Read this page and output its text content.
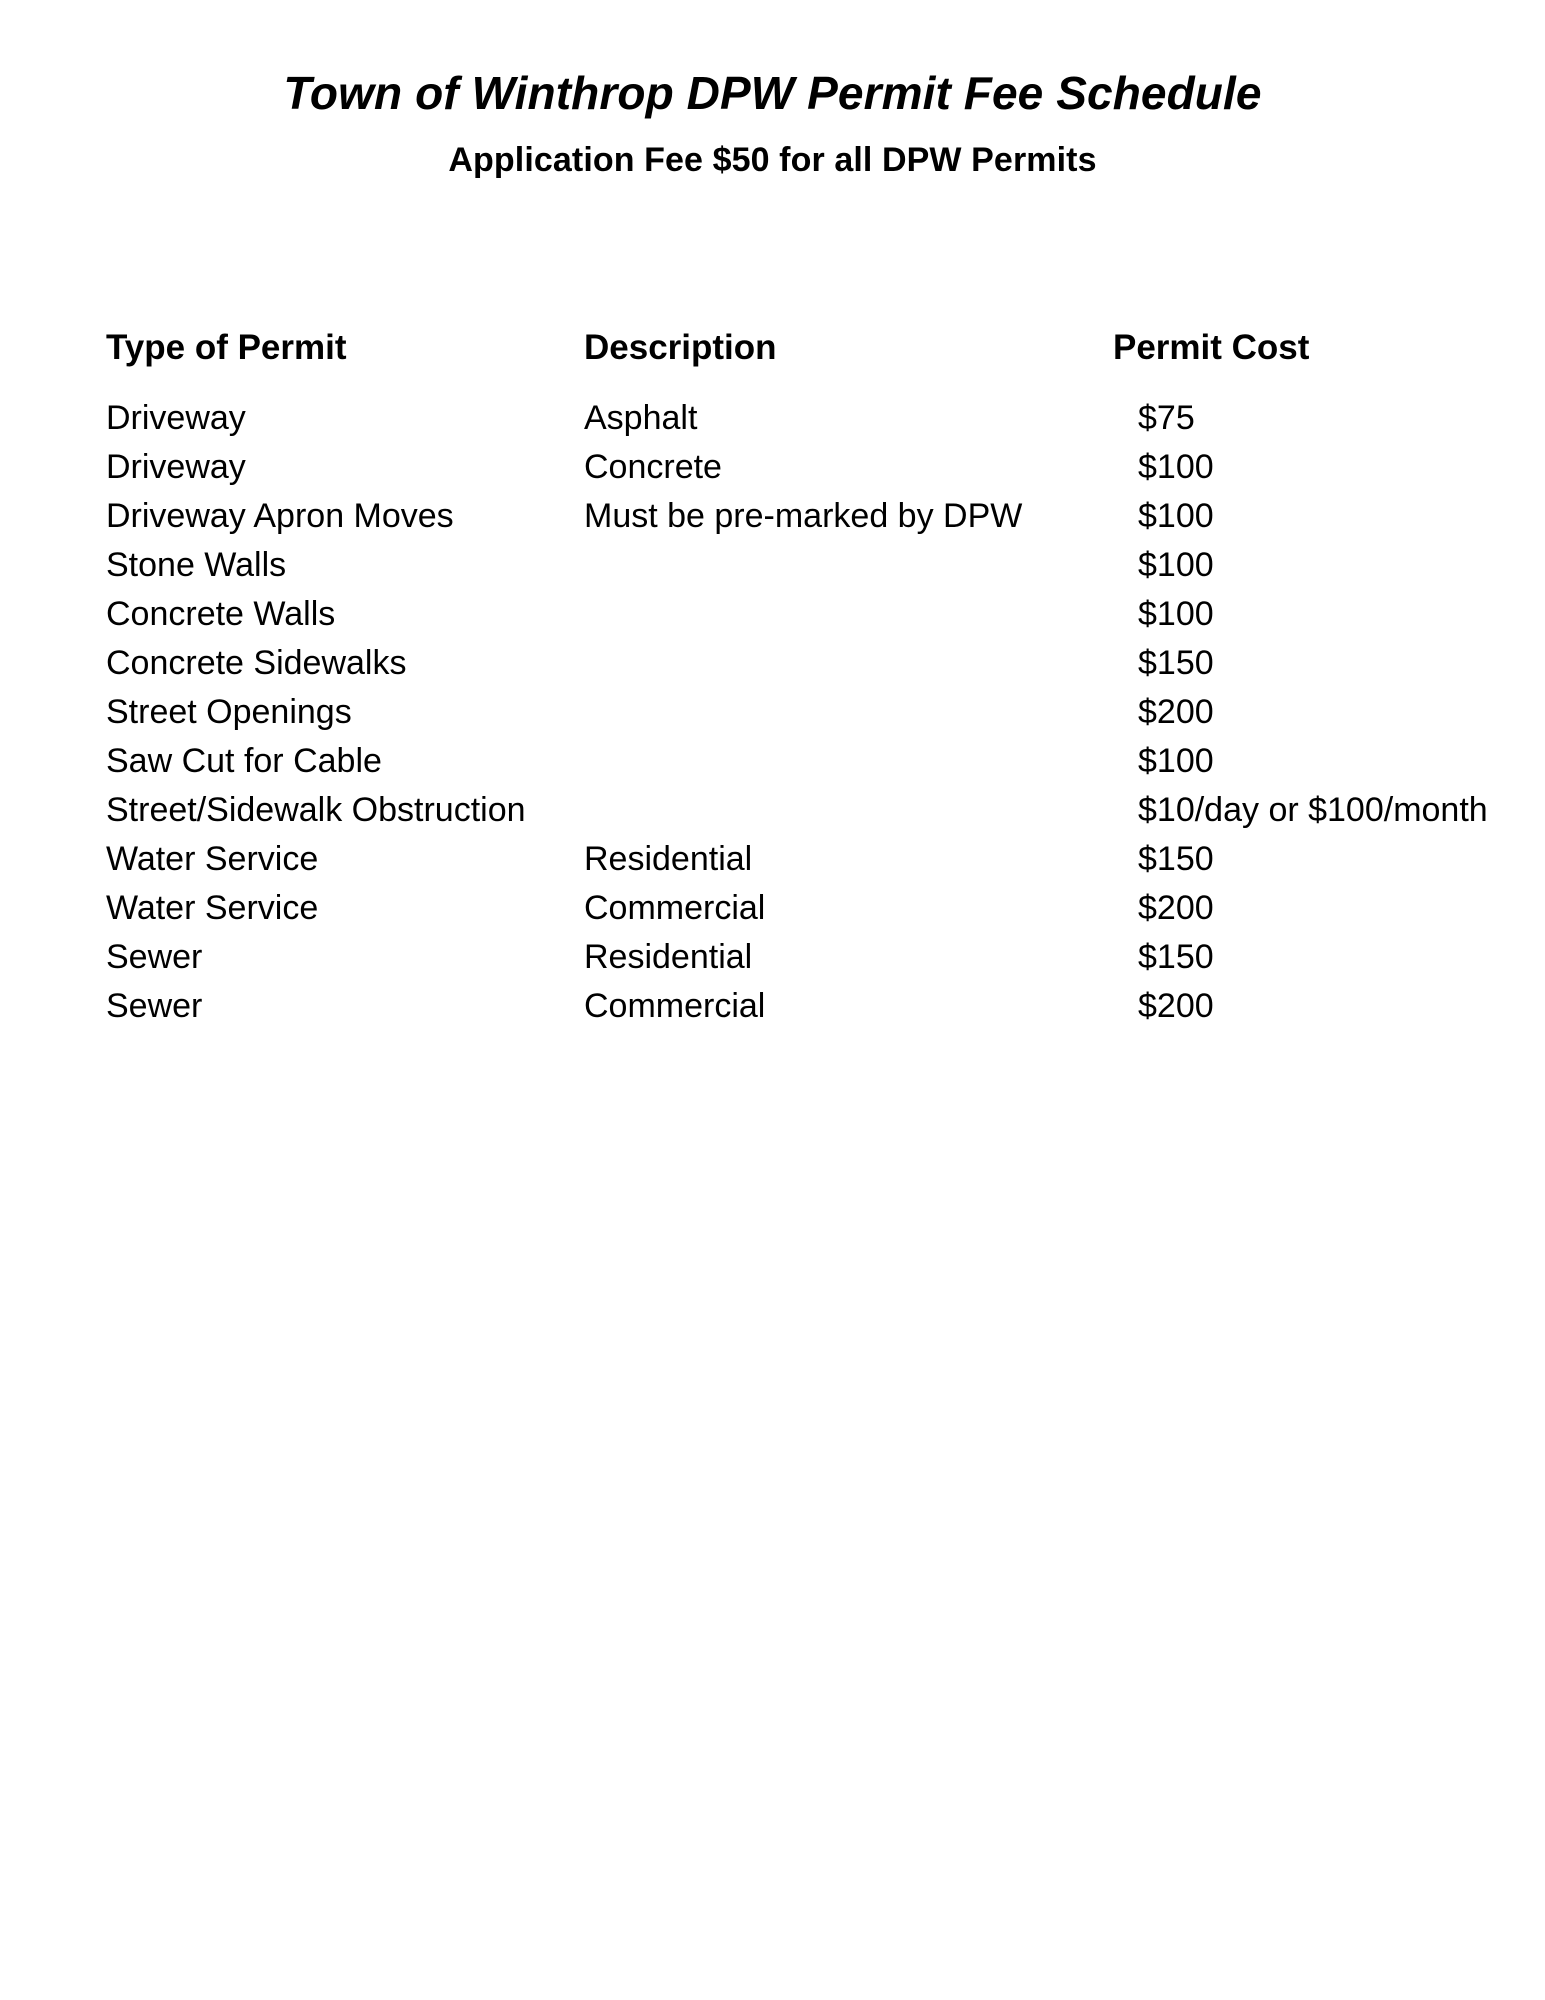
Town of Winthrop DPW Permit Fee Schedule
Application Fee $50 for all DPW Permits
Type of Permit	Description	Permit Cost
Driveway	Asphalt	$75
Driveway	Concrete	$100
Driveway Apron Moves	Must be pre-marked by DPW	$100
Stone Walls		$100
Concrete Walls		$100
Concrete Sidewalks		$150
Street Openings		$200
Saw Cut for Cable		$100
Street/Sidewalk Obstruction		$10/day or $100/month
Water Service	Residential	$150
Water Service	Commercial	$200
Sewer	Residential	$150
Sewer	Commercial	$200
